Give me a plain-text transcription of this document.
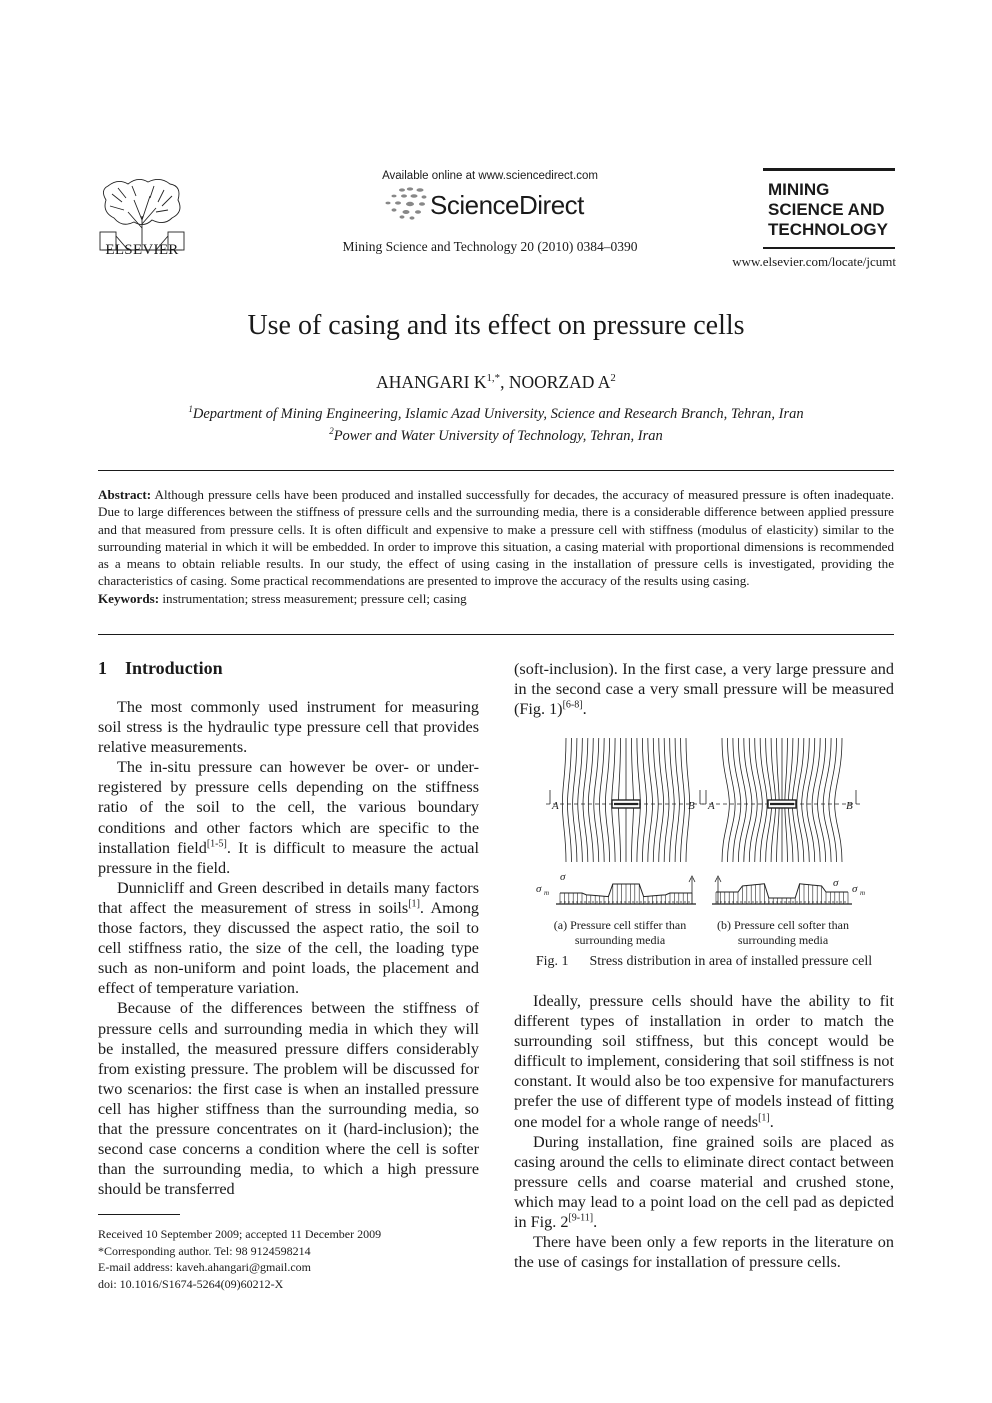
ELSEVIER
Available online at www.sciencedirect.com
ScienceDirect
Mining Science and Technology 20 (2010) 0384–0390
MINING
SCIENCE AND
TECHNOLOGY
www.elsevier.com/locate/jcumt
Use of casing and its effect on pressure cells
AHANGARI $K^{1,*}$, NOORZAD $A^2$
$^1$Department of Mining Engineering, Islamic Azad University, Science and Research Branch, Tehran, Iran
$^2$Power and Water University of Technology, Tehran, Iran
Abstract: Although pressure cells have been produced and installed successfully for decades, the accuracy of measured pressure is often inadequate. Due to large differences between the stiffness of pressure cells and the surrounding media, there is a considerable difference between applied pressure and that measured from pressure cells. It is often difficult and expensive to make a pressure cell with stiffness (modulus of elasticity) similar to the surrounding material in which it will be embedded. In order to improve this situation, a casing material with proportional dimensions is recommended as a means to obtain reliable results. In our study, the effect of using casing in the installation of pressure cells is investigated, providing the characteristics of casing. Some practical recommendations are presented to improve the accuracy of the results using casing.
Keywords: instrumentation; stress measurement; pressure cell; casing
1    Introduction

The most commonly used instrument for measuring soil stress is the hydraulic type pressure cell that provides relative measurements.

The in-situ pressure can however be over- or under-registered by pressure cells depending on the stiffness ratio of the soil to the cell, the various boundary conditions and other factors which are specific to the installation field[1-5]. It is difficult to measure the actual pressure in the field.

Dunnicliff and Green described in details many factors that affect the measurement of stress in soils[1]. Among those factors, they discussed the aspect ratio, the soil to cell stiffness ratio, the size of the cell, the loading type such as non-uniform and point loads, the placement and effect of temperature variation.

Because of the differences between the stiffness of pressure cells and surrounding media in which they will be installed, the measured pressure differs considerably from existing pressure. The problem will be discussed for two scenarios: the first case is when an installed pressure cell has higher stiffness than the surrounding media, so that the pressure concentrates on it (hard-inclusion); the second case concerns a condition where the cell is softer than the surrounding media, to which a high pressure should be transferred

Received 10 September 2009; accepted 11 December 2009
*Corresponding author. Tel: 98 9124598214
E-mail address: kaveh.ahangari@gmail.com
doi: 10.1016/S1674-5264(09)60212-X

(soft-inclusion). In the first case, a very large pressure and in the second case a very small pressure will be measured (Fig. 1)[6-8].

A	B A	B
σ
σ m
σ σ m
(a) Pressure cell stiffer than
surrounding media
(b) Pressure cell softer than
surrounding media
Fig. 1      Stress distribution in area of installed pressure cell

Ideally, pressure cells should have the ability to fit different types of installation in order to match the surrounding soil stiffness, but this concept would be difficult to implement, considering that soil stiffness is not constant. It would also be too expensive for manufacturers prefer the use of different type of models instead of fitting one model for a whole range of needs[1].

During installation, fine grained soils are placed as casing around the cells to eliminate direct contact between pressure cells and coarse material and crushed stone, which may lead to a point load on the cell pad as depicted in Fig. 2[9-11].

There have been only a few reports in the literature on the use of casings for installation of pressure cells.
